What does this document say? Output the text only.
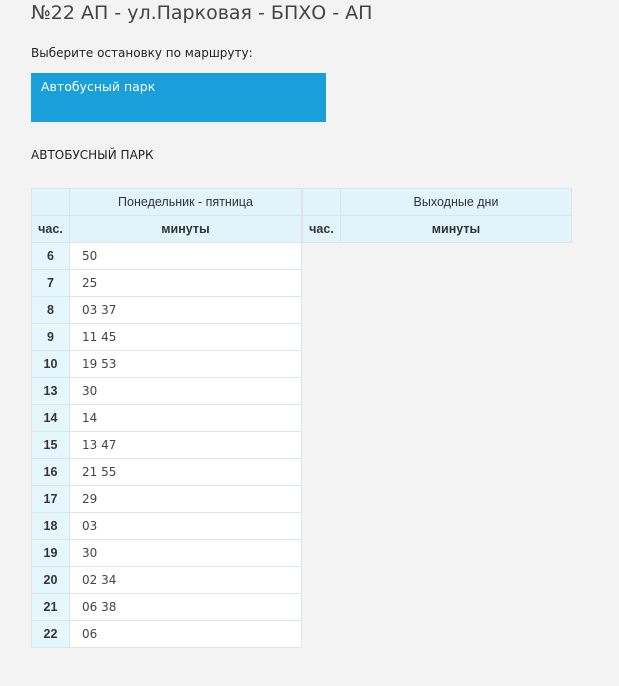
№22 АП - ул.Парковая - БПХО - АП
Выберите остановку по маршруту:
Автобусный парк
АВТОБУСНЫЙ ПАРК
	Понедельник - пятница
час.	минуты
6	50
7	25
8	03 37
9	11 45
10	19 53
13	30
14	14
15	13 47
16	21 55
17	29
18	03
19	30
20	02 34
21	06 38
22	06
	Выходные дни
час.	минуты
